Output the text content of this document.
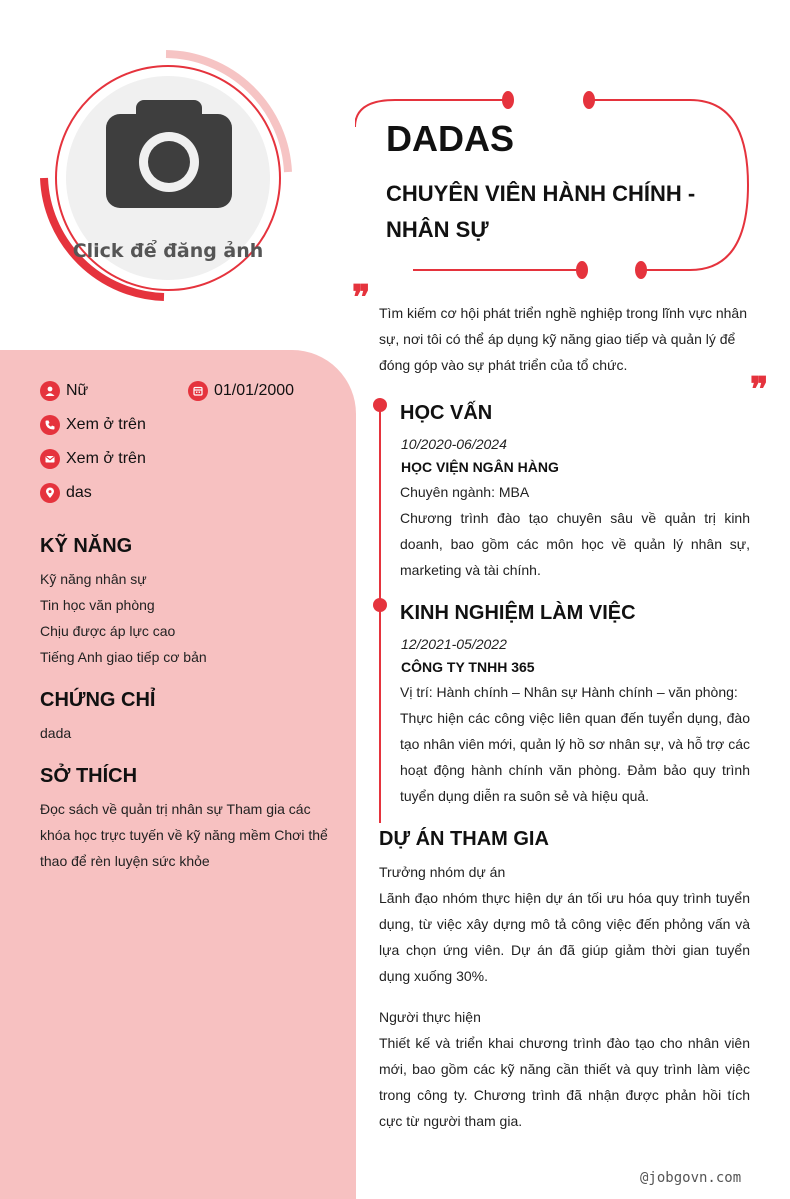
Click để đăng ảnh
DADAS
CHUYÊN VIÊN HÀNH CHÍNH - NHÂN SỰ
❞ Tìm kiếm cơ hội phát triển nghề nghiệp trong lĩnh vực nhân sự, nơi tôi có thể áp dụng kỹ năng giao tiếp và quản lý để đóng góp vào sự phát triển của tổ chức.
❞
Nữ	01/01/2000
Xem ở trên
Xem ở trên
das
KỸ NĂNG
Kỹ năng nhân sự
Tin học văn phòng
Chịu được áp lực cao
Tiếng Anh giao tiếp cơ bản
CHỨNG CHỈ
dada
SỞ THÍCH
Đọc sách về quản trị nhân sự Tham gia các khóa học trực tuyến về kỹ năng mềm Chơi thể thao để rèn luyện sức khỏe
HỌC VẤN
10/2020-06/2024
HỌC VIỆN NGÂN HÀNG
Chuyên ngành: MBA
Chương trình đào tạo chuyên sâu về quản trị kinh doanh, bao gồm các môn học về quản lý nhân sự, marketing và tài chính.
KINH NGHIỆM LÀM VIỆC
12/2021-05/2022
CÔNG TY TNHH 365
Vị trí: Hành chính – Nhân sự Hành chính – văn phòng:
Thực hiện các công việc liên quan đến tuyển dụng, đào tạo nhân viên mới, quản lý hồ sơ nhân sự, và hỗ trợ các hoạt động hành chính văn phòng. Đảm bảo quy trình tuyển dụng diễn ra suôn sẻ và hiệu quả.
DỰ ÁN THAM GIA
Trưởng nhóm dự án
Lãnh đạo nhóm thực hiện dự án tối ưu hóa quy trình tuyển dụng, từ việc xây dựng mô tả công việc đến phỏng vấn và lựa chọn ứng viên. Dự án đã giúp giảm thời gian tuyển dụng xuống 30%.
Người thực hiện
Thiết kế và triển khai chương trình đào tạo cho nhân viên mới, bao gồm các kỹ năng cần thiết và quy trình làm việc trong công ty. Chương trình đã nhận được phản hồi tích cực từ người tham gia.
@jobgovn.com
